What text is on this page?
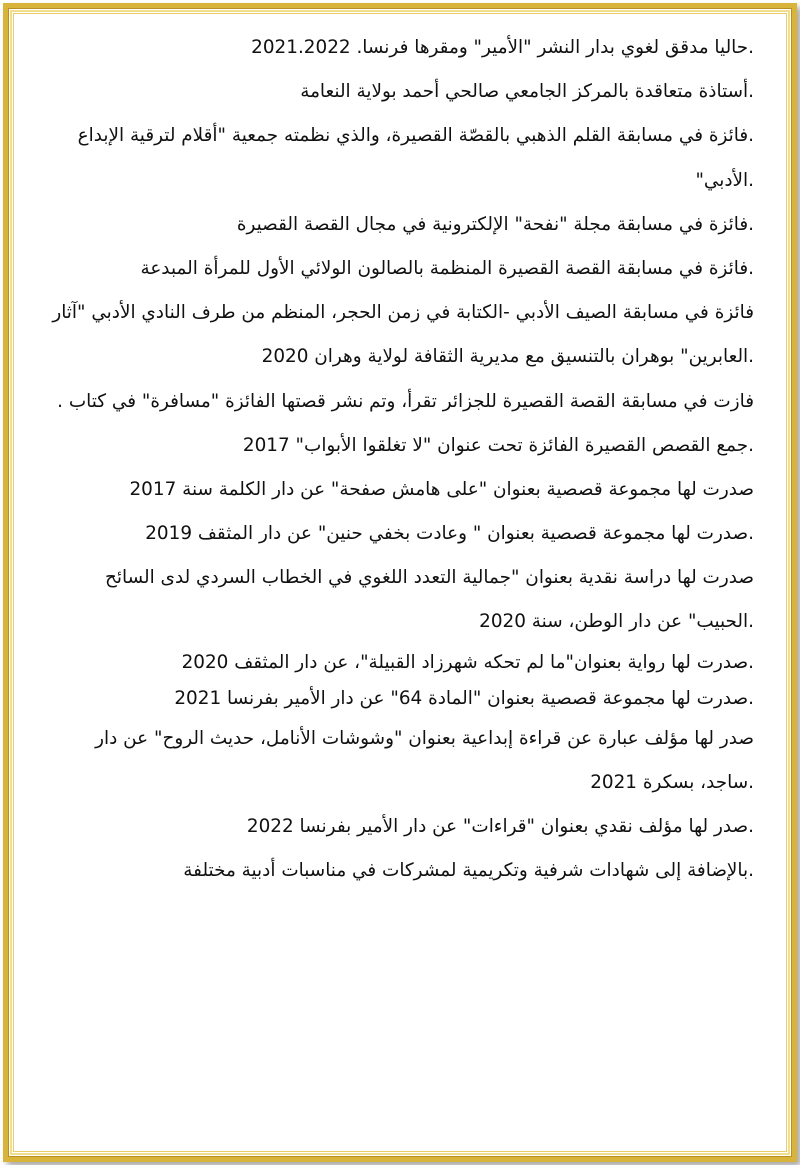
.حاليا مدقق لغوي بدار النشر "الأمير" ومقرها فرنسا. 2021.2022
.أستاذة متعاقدة بالمركز الجامعي صالحي أحمد بولاية النعامة
.فائزة في مسابقة القلم الذهبي بالقصّة القصيرة، والذي نظمته جمعية "أقلام لترقية الإبداع
.الأدبي"
.فائزة في مسابقة مجلة "نفحة" الإلكترونية في مجال القصة القصيرة
.فائزة في مسابقة القصة القصيرة المنظمة بالصالون الولائي الأول للمرأة المبدعة
فائزة في مسابقة الصيف الأدبي -الكتابة في زمن الحجر، المنظم من طرف النادي الأدبي "آثار
.العابرين" بوهران بالتنسيق مع مديرية الثقافة لولاية وهران 2020
فازت في مسابقة القصة القصيرة للجزائر تقرأ، وتم نشر قصتها الفائزة "مسافرة" في كتاب .
.جمع القصص القصيرة الفائزة تحت عنوان "لا تغلقوا الأبواب" 2017
صدرت لها مجموعة قصصية بعنوان "على هامش صفحة" عن دار الكلمة سنة 2017
.صدرت لها مجموعة قصصية بعنوان " وعادت بخفي حنين" عن دار المثقف 2019
صدرت لها دراسة نقدية بعنوان "جمالية التعدد اللغوي في الخطاب السردي لدى السائح
.الحبيب" عن دار الوطن، سنة 2020
.صدرت لها رواية بعنوان"ما لم تحكه شهرزاد القبيلة"، عن دار المثقف 2020
.صدرت لها مجموعة قصصية بعنوان "المادة 64" عن دار الأمير بفرنسا 2021
صدر لها مؤلف عبارة عن قراءة إبداعية بعنوان "وشوشات الأنامل، حديث الروح" عن دار
.ساجد، بسكرة 2021
.صدر لها مؤلف نقدي بعنوان "قراءات" عن دار الأمير بفرنسا 2022
.بالإضافة إلى شهادات شرفية وتكريمية لمشركات في مناسبات أدبية مختلفة
